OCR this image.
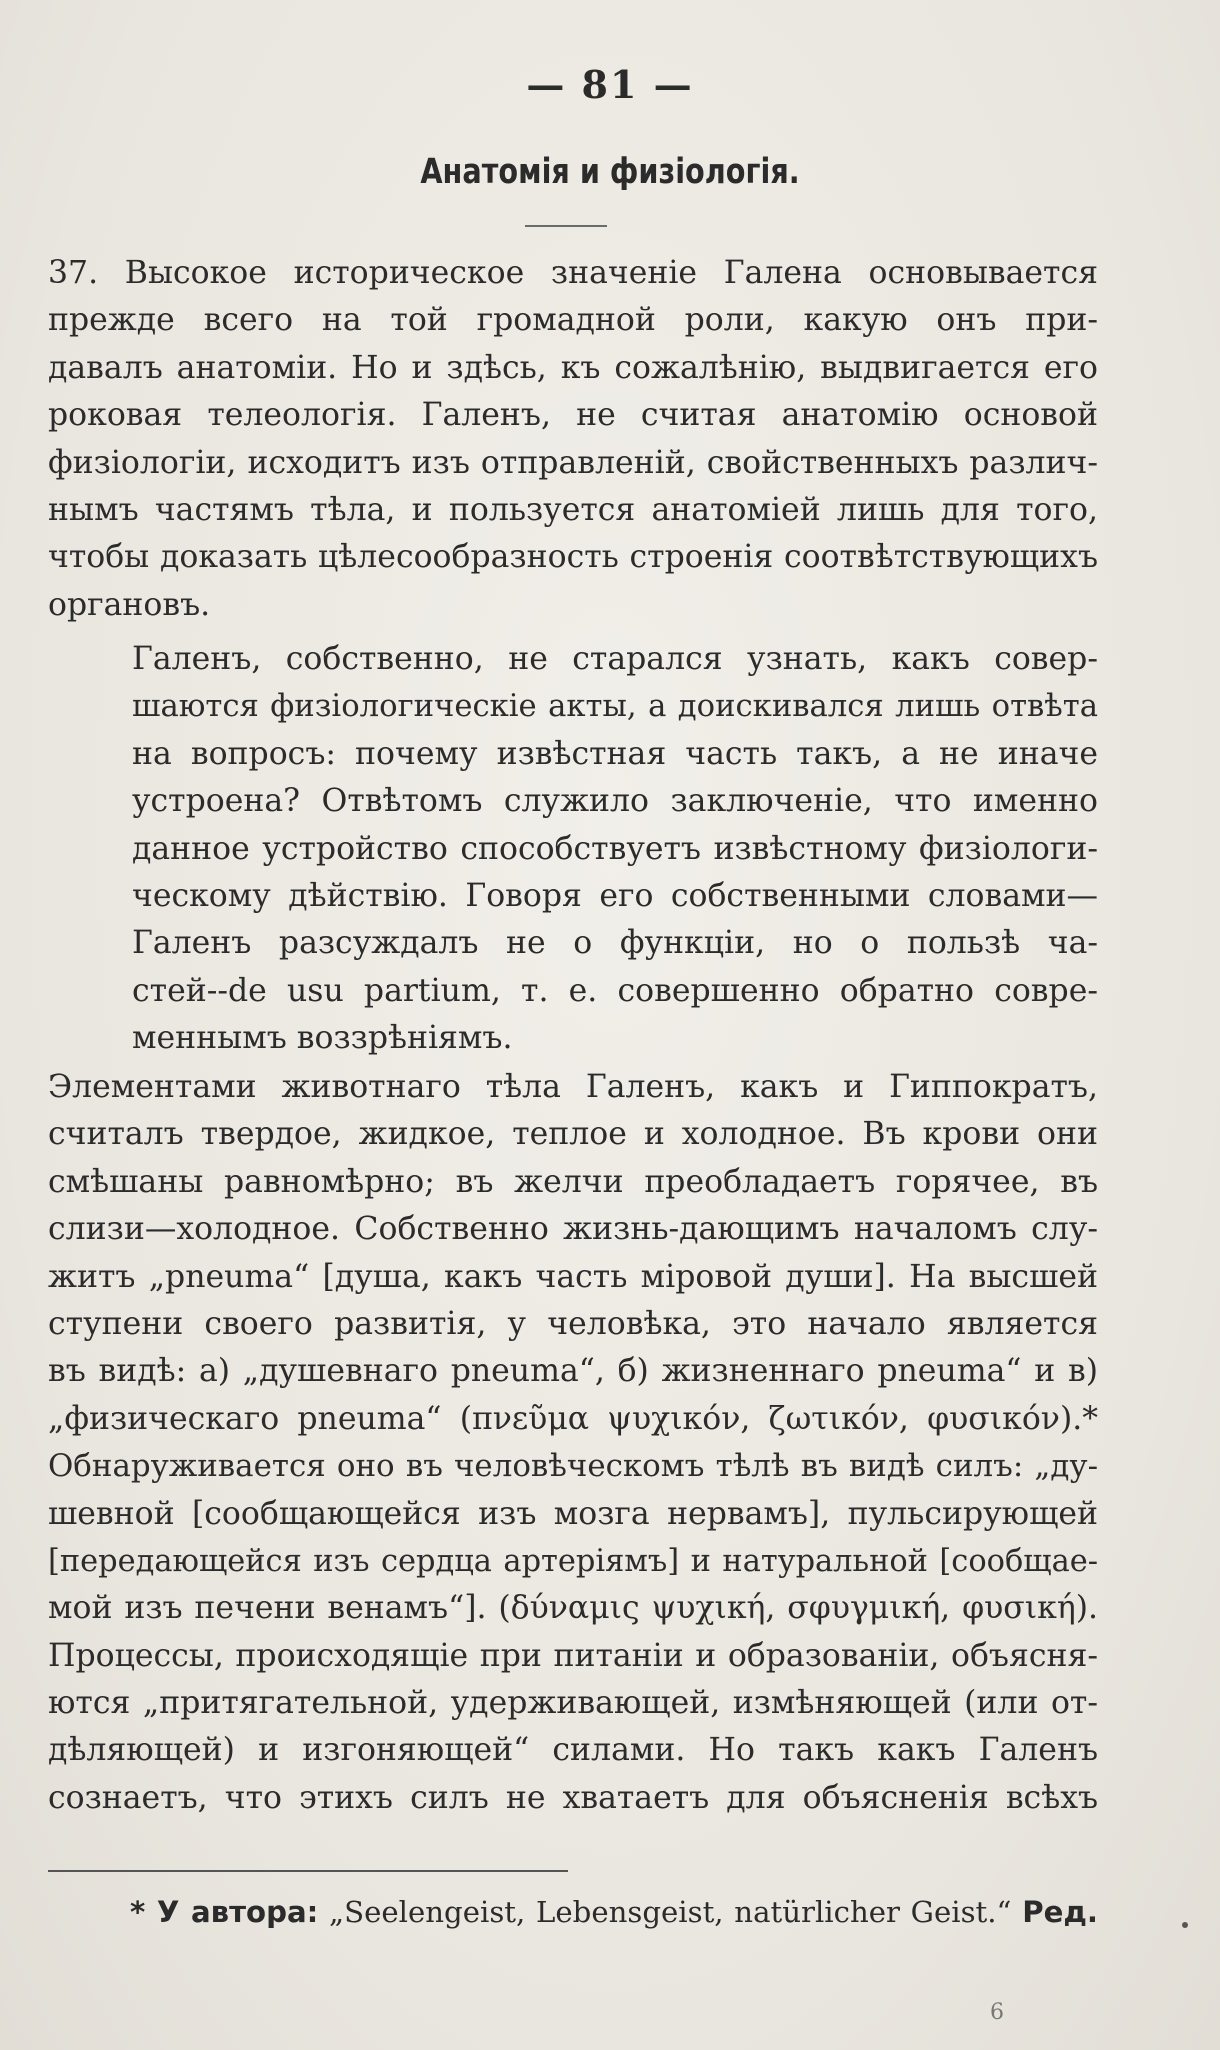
— 81 —
Анатомія и физіологія.
37. Высокое историческое значеніе Галена основывается
прежде всего на той громадной роли, какую онъ при-
давалъ анатоміи. Но и здѣсь, къ сожалѣнію, выдвигается его
роковая телеологія. Галенъ, не считая анатомію основой
физіологіи, исходитъ изъ отправленій, свойственныхъ различ-
нымъ частямъ тѣла, и пользуется анатоміей лишь для того,
чтобы доказать цѣлесообразность строенія соотвѣтствующихъ
органовъ.
Галенъ, собственно, не старался узнать, какъ совер-
шаются физіологическіе акты, а доискивался лишь отвѣта
на вопросъ: почему извѣстная часть такъ, а не иначе
устроена? Отвѣтомъ служило заключеніе, что именно
данное устройство способствуетъ извѣстному физіологи-
ческому дѣйствію. Говоря его собственными словами—
Галенъ разсуждалъ не о функціи, но о пользѣ ча-
стей--de usu partium, т. е. совершенно обратно совре-
меннымъ воззрѣніямъ.
Элементами животнаго тѣла Галенъ, какъ и Гиппократъ,
считалъ твердое, жидкое, теплое и холодное. Въ крови они
смѣшаны равномѣрно; въ желчи преобладаетъ горячее, въ
слизи—холодное. Собственно жизнь-дающимъ началомъ слу-
житъ „pneuma“ [душа, какъ часть міровой души]. На высшей
ступени своего развитія, у человѣка, это начало является
въ видѣ: а) „душевнаго pneuma“, б) жизненнаго pneuma“ и в)
„физическаго pneuma“ (πνεῦμα ψυχικόν, ζωτικόν, φυσικόν).*
Обнаруживается оно въ человѣческомъ тѣлѣ въ видѣ силъ: „ду-
шевной [сообщающейся изъ мозга нервамъ], пульсирующей
[передающейся изъ сердца артеріямъ] и натуральной [сообщае-
мой изъ печени венамъ“]. (δύναμις ψυχική, σφυγμική, φυσική).
Процессы, происходящіе при питаніи и образованіи, объясня-
ются „притягательной, удерживающей, измѣняющей (или от-
дѣляющей) и изгоняющей“ силами. Но такъ какъ Галенъ
сознаетъ, что этихъ силъ не хватаетъ для объясненія всѣхъ
* У автора: „Seelengeist, Lebensgeist, natürlicher Geist.“ Ред.
6
